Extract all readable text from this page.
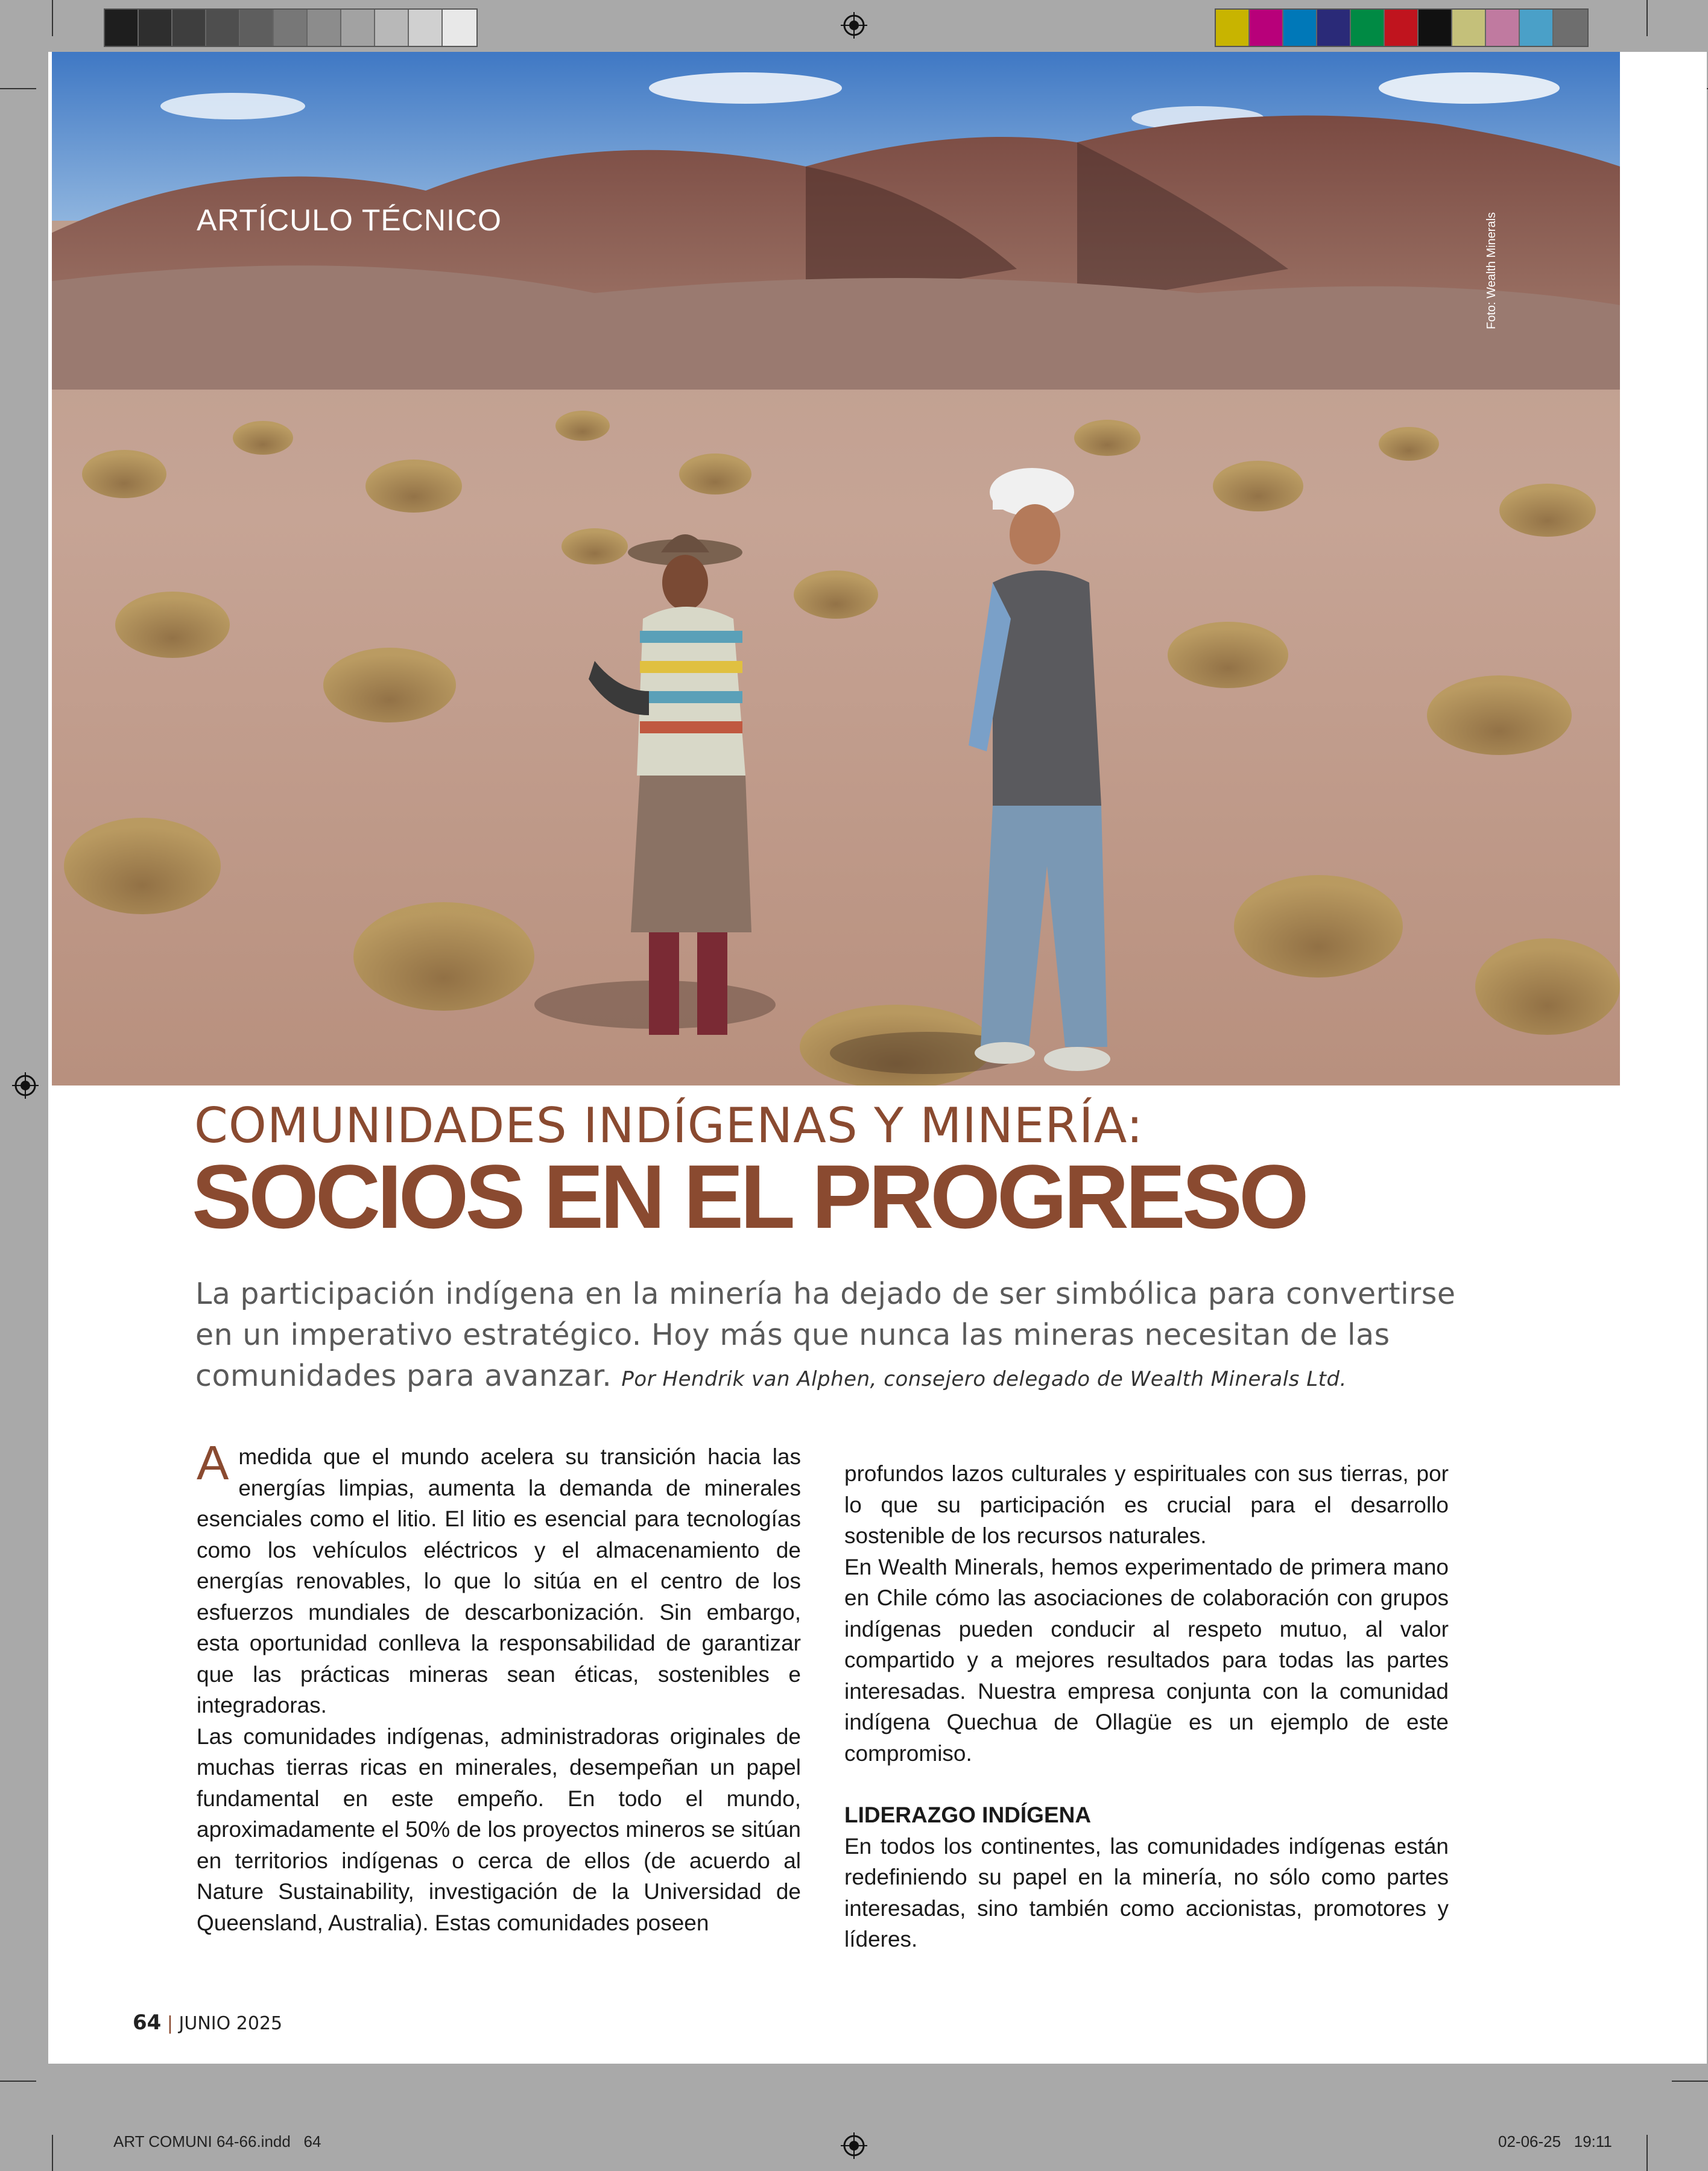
ARTÍCULO TÉCNICO	Foto: Wealth Minerals
COMUNIDADES INDÍGENAS Y MINERÍA:
SOCIOS EN EL PROGRESO
La participación indígena en la minería ha dejado de ser simbólica para convertirse en un imperativo estratégico. Hoy más que nunca las mineras necesitan de las comunidades para avanzar. Por Hendrik van Alphen, consejero delegado de Wealth Minerals Ltd.

A medida que el mundo acelera su transición hacia las energías limpias, aumenta la demanda de minerales esenciales como el litio. El litio es esencial para tecnologías como los vehículos eléctricos y el almacenamiento de energías renovables, lo que lo sitúa en el centro de los esfuerzos mundiales de descarbonización. Sin embargo, esta oportunidad conlleva la responsabilidad de garantizar que las prácticas mineras sean éticas, sostenibles e integradoras.

Las comunidades indígenas, administradoras originales de muchas tierras ricas en minerales, desempeñan un papel fundamental en este empeño. En todo el mundo, aproximadamente el 50% de los proyectos mineros se sitúan en territorios indígenas o cerca de ellos (de acuerdo al Nature Sustainability, investigación de la Universidad de Queensland, Australia). Estas comunidades poseen

profundos lazos culturales y espirituales con sus tierras, por lo que su participación es crucial para el desarrollo sostenible de los recursos naturales.

En Wealth Minerals, hemos experimentado de primera mano en Chile cómo las asociaciones de colaboración con grupos indígenas pueden conducir al respeto mutuo, al valor compartido y a mejores resultados para todas las partes interesadas. Nuestra empresa conjunta con la comunidad indígena Quechua de Ollagüe es un ejemplo de este compromiso.

LIDERAZGO INDÍGENA

En todos los continentes, las comunidades indígenas están redefiniendo su papel en la minería, no sólo como partes interesadas, sino también como accionistas, promotores y líderes.

64 | JUNIO 2025
ART COMUNI 64-66.indd   64	02-06-25   19:11
